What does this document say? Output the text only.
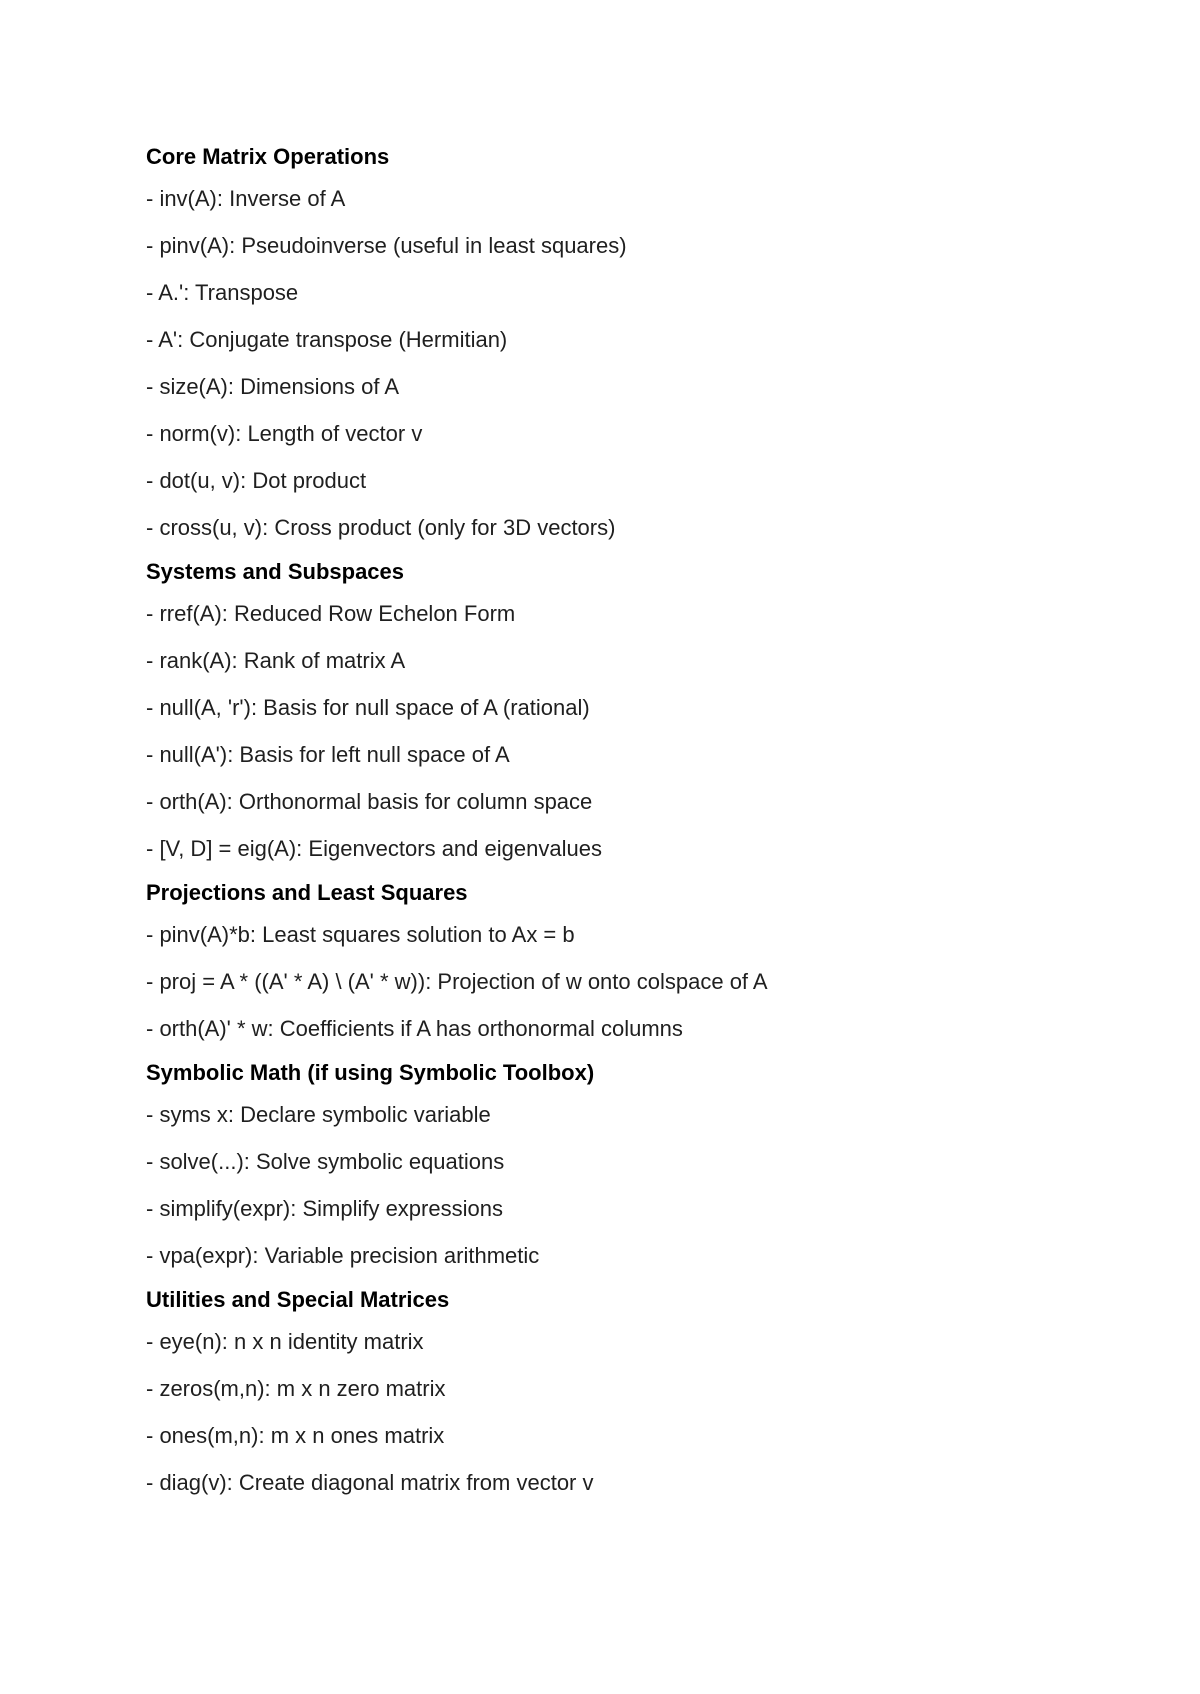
Core Matrix Operations
- inv(A): Inverse of A
- pinv(A): Pseudoinverse (useful in least squares)
- A.': Transpose
- A': Conjugate transpose (Hermitian)
- size(A): Dimensions of A
- norm(v): Length of vector v
- dot(u, v): Dot product
- cross(u, v): Cross product (only for 3D vectors)
Systems and Subspaces
- rref(A): Reduced Row Echelon Form
- rank(A): Rank of matrix A
- null(A, 'r'): Basis for null space of A (rational)
- null(A'): Basis for left null space of A
- orth(A): Orthonormal basis for column space
- [V, D] = eig(A): Eigenvectors and eigenvalues
Projections and Least Squares
- pinv(A)*b: Least squares solution to Ax = b
- proj = A * ((A' * A) \ (A' * w)): Projection of w onto colspace of A
- orth(A)' * w: Coefficients if A has orthonormal columns
Symbolic Math (if using Symbolic Toolbox)
- syms x: Declare symbolic variable
- solve(...): Solve symbolic equations
- simplify(expr): Simplify expressions
- vpa(expr): Variable precision arithmetic
Utilities and Special Matrices
- eye(n): n x n identity matrix
- zeros(m,n): m x n zero matrix
- ones(m,n): m x n ones matrix
- diag(v): Create diagonal matrix from vector v
